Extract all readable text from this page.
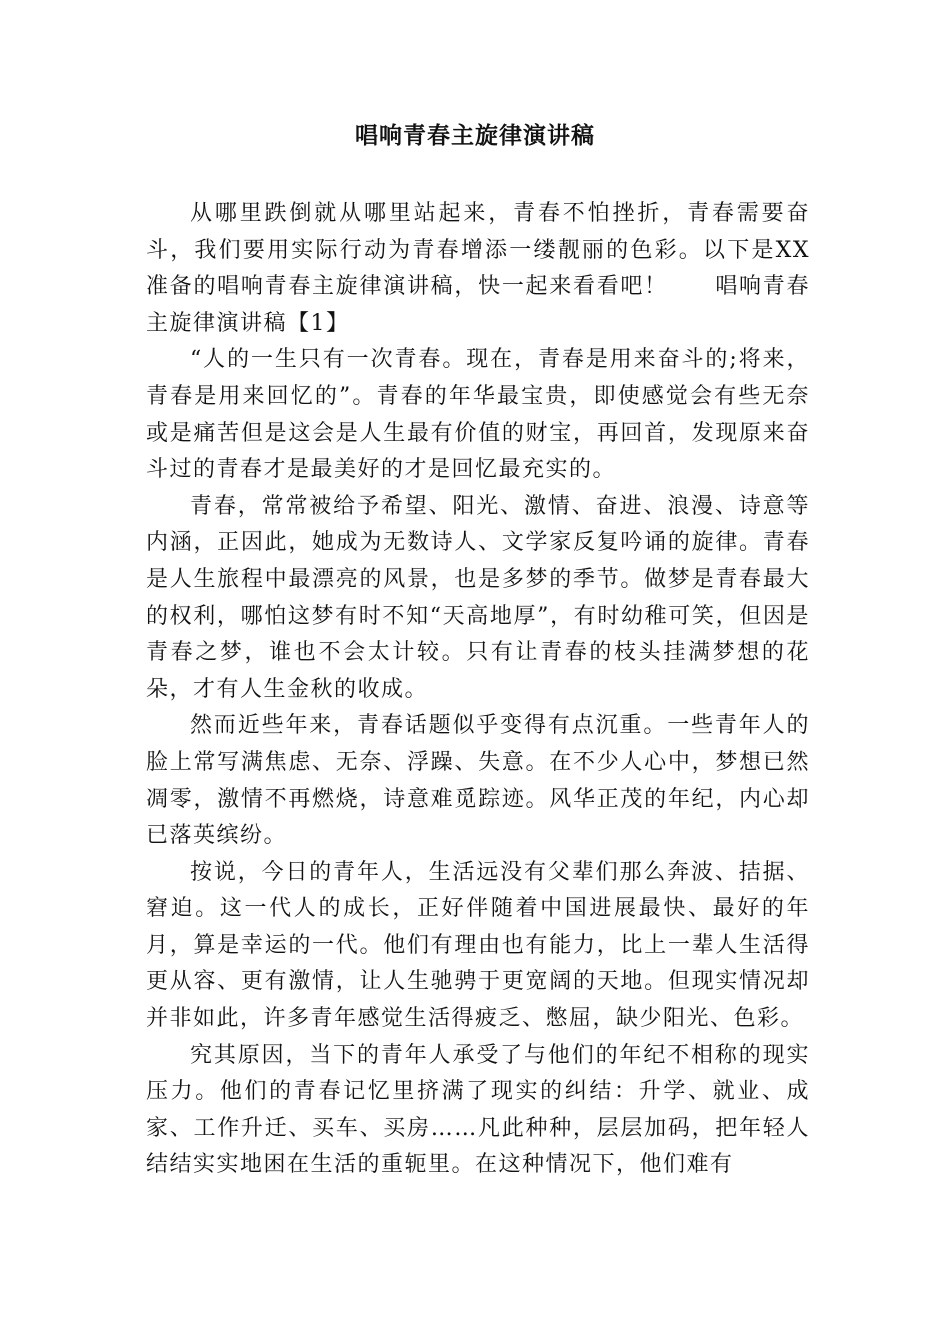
唱响青春主旋律演讲稿

从哪里跌倒就从哪里站起来，青春不怕挫折，青春需要奋斗，我们要用实际行动为青春增添一缕靓丽的色彩。以下是XX准备的唱响青春主旋律演讲稿，快一起来看看吧！　　唱响青春主旋律演讲稿【1】

“人的一生只有一次青春。现在，青春是用来奋斗的;将来，青春是用来回忆的”。青春的年华最宝贵，即使感觉会有些无奈或是痛苦但是这会是人生最有价值的财宝，再回首，发现原来奋斗过的青春才是最美好的才是回忆最充实的。

青春，常常被给予希望、阳光、激情、奋进、浪漫、诗意等内涵，正因此，她成为无数诗人、文学家反复吟诵的旋律。青春是人生旅程中最漂亮的风景，也是多梦的季节。做梦是青春最大的权利，哪怕这梦有时不知“天高地厚”，有时幼稚可笑，但因是青春之梦，谁也不会太计较。只有让青春的枝头挂满梦想的花朵，才有人生金秋的收成。

然而近些年来，青春话题似乎变得有点沉重。一些青年人的脸上常写满焦虑、无奈、浮躁、失意。在不少人心中，梦想已然凋零，激情不再燃烧，诗意难觅踪迹。风华正茂的年纪，内心却已落英缤纷。

按说，今日的青年人，生活远没有父辈们那么奔波、拮据、窘迫。这一代人的成长，正好伴随着中国进展最快、最好的年月，算是幸运的一代。他们有理由也有能力，比上一辈人生活得更从容、更有激情，让人生驰骋于更宽阔的天地。但现实情况却并非如此，许多青年感觉生活得疲乏、憋屈，缺少阳光、色彩。

究其原因，当下的青年人承受了与他们的年纪不相称的现实压力。他们的青春记忆里挤满了现实的纠结：升学、就业、成家、工作升迁、买车、买房……凡此种种，层层加码，把年轻人结结实实地困在生活的重轭里。在这种情况下，他们难有
